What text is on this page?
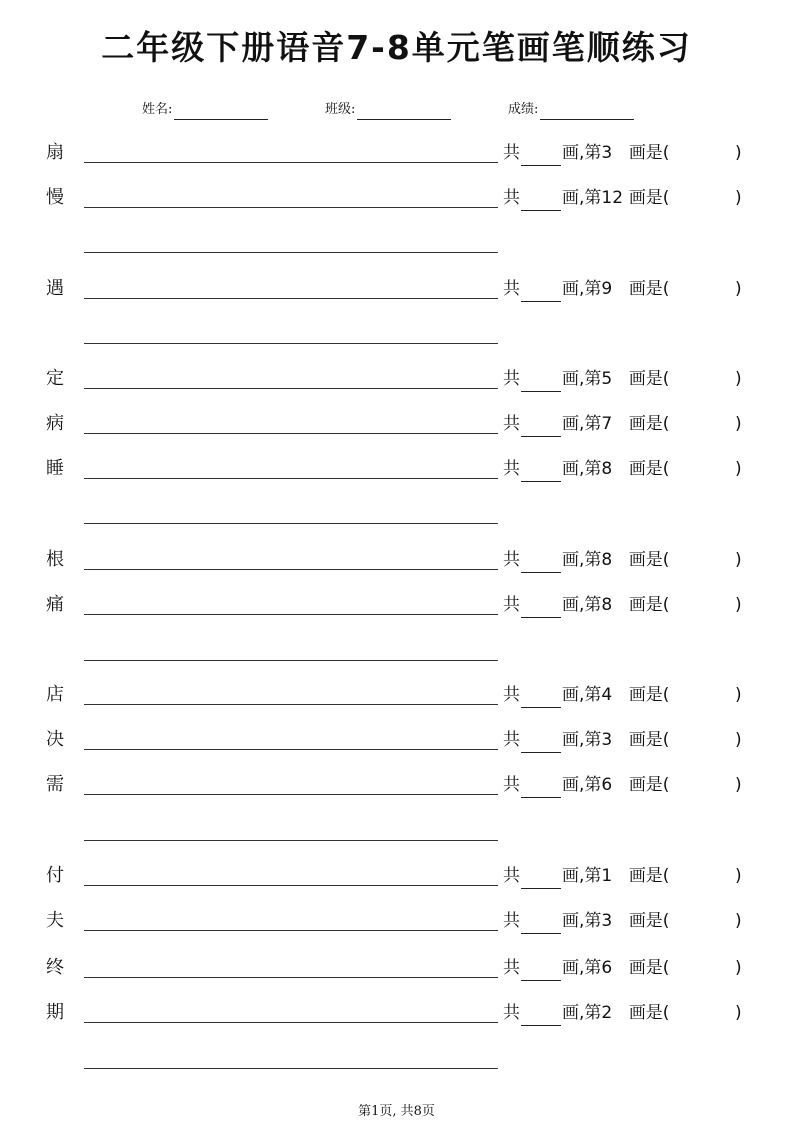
二年级下册语音7-8单元笔画笔顺练习
姓名:	班级:	成绩:
扇	共 画,第3 画是(	)
慢	共 画,第12 画是(	)
遇	共 画,第9 画是(	)
定	共 画,第5 画是(	)
病	共 画,第7 画是(	)
睡	共 画,第8 画是(	)
根	共 画,第8 画是(	)
痛	共 画,第8 画是(	)
店	共 画,第4 画是(	)
决	共 画,第3 画是(	)
需	共 画,第6 画是(	)
付	共 画,第1 画是(	)
夫	共 画,第3 画是(	)
终	共 画,第6 画是(	)
期	共 画,第2 画是(	)
第1页, 共8页
